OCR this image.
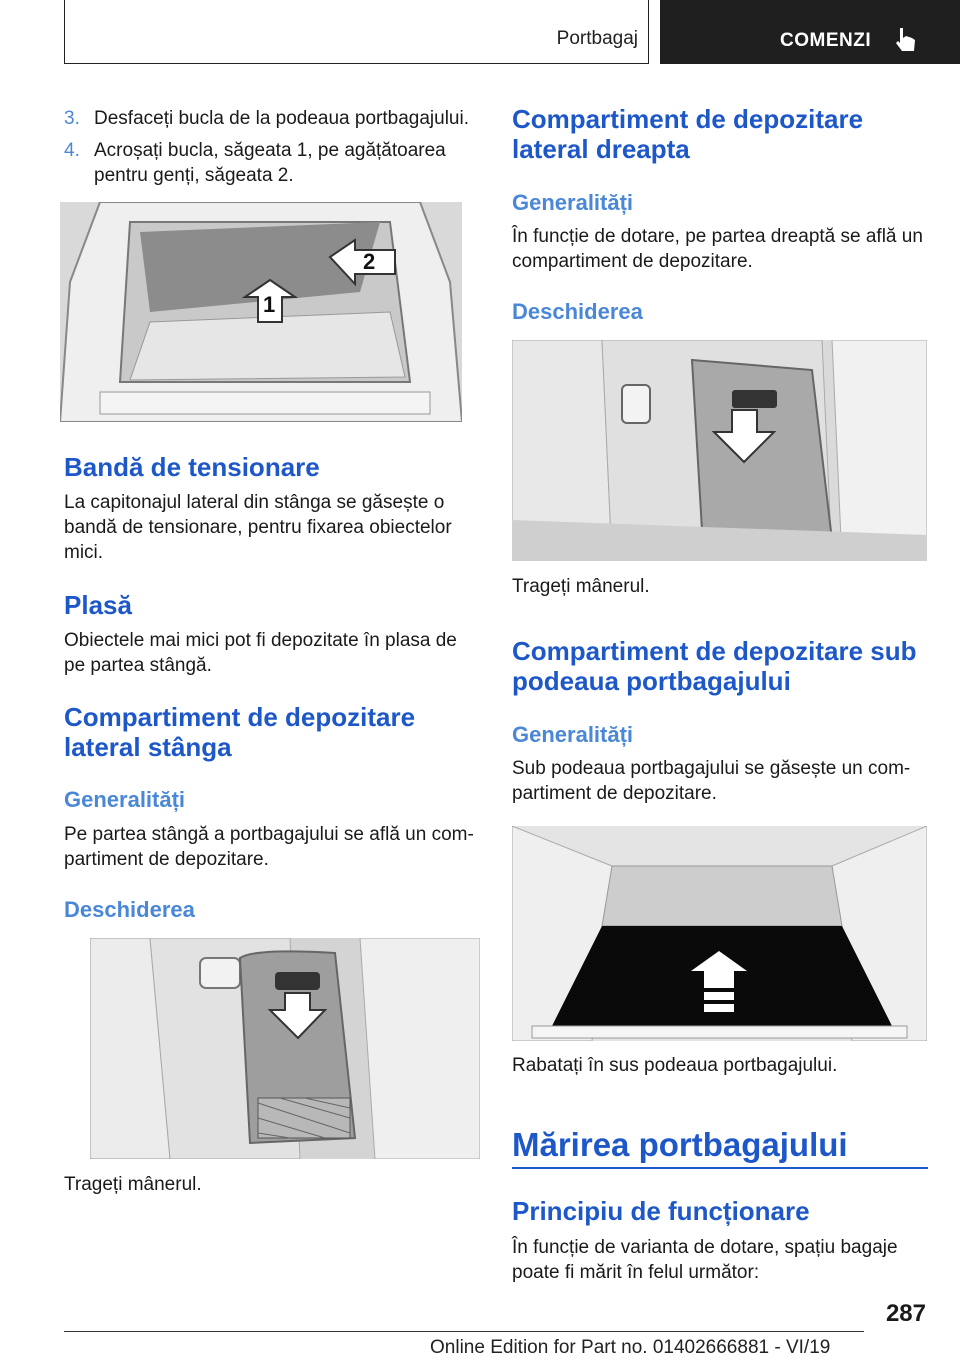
Portbagaj	COMENZI
3. Desfaceți bucla de la podeaua portbagajului.
4. Acroșați bucla, săgeata 1, pe agățătoarea
pentru genți, săgeata 2.
1
2
Bandă de tensionare
La capitonajul lateral din stânga se găsește o
bandă de tensionare, pentru fixarea obiectelor
mici.
Plasă
Obiectele mai mici pot fi depozitate în plasa de
pe partea stângă.
Compartiment de depozitare
lateral stânga
Generalități
Pe partea stângă a portbagajului se află un com‐
partiment de depozitare.
Deschiderea
Trageți mânerul.
Compartiment de depozitare
lateral dreapta
Generalități
În funcție de dotare, pe partea dreaptă se află un
compartiment de depozitare.
Deschiderea
Trageți mânerul.
Compartiment de depozitare sub
podeaua portbagajului
Generalități
Sub podeaua portbagajului se găsește un com‐
partiment de depozitare.
Rabatați în sus podeaua portbagajului.
Mărirea portbagajului
Principiu de funcționare
În funcție de varianta de dotare, spațiu bagaje
poate fi mărit în felul următor:
287
Online Edition for Part no. 01402666881 - VI/19
